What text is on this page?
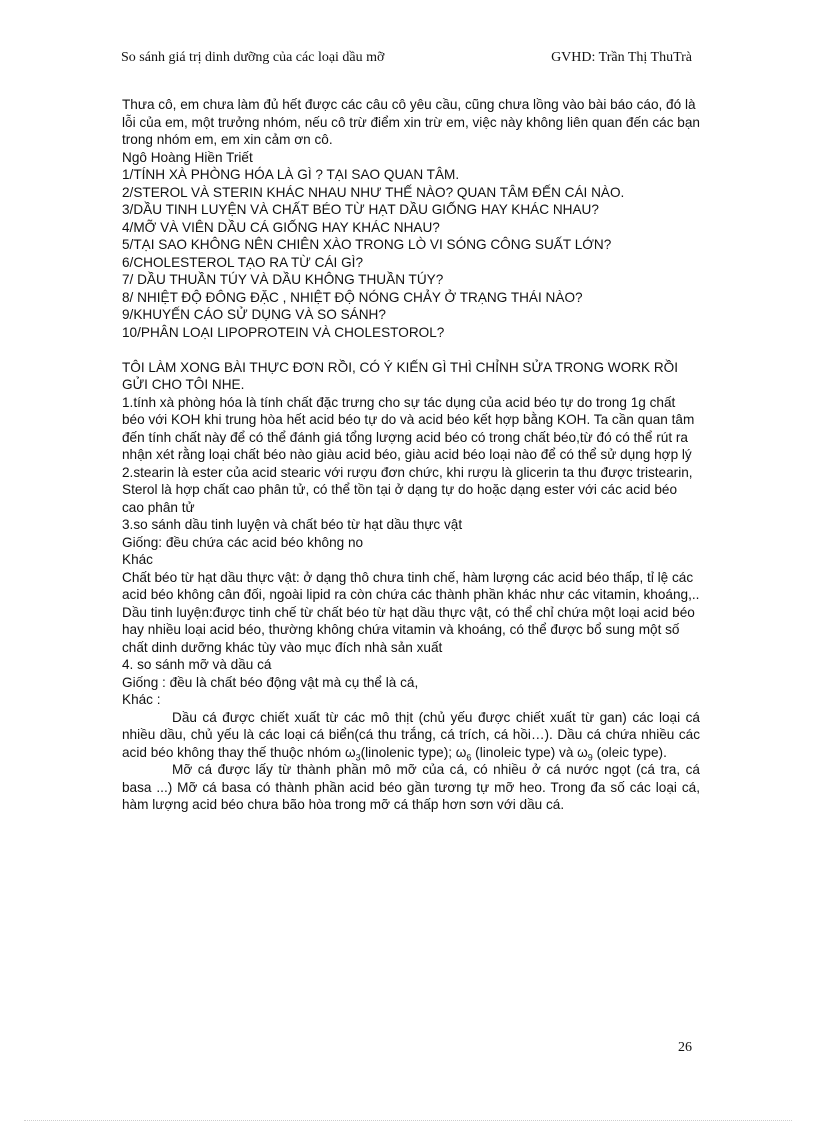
So sánh giá trị dinh dưỡng của các loại dầu mỡ	GVHD: Trần Thị ThuTrà

Thưa cô, em chưa làm đủ hết được các câu cô yêu cầu, cũng chưa lồng vào bài báo cáo, đó là lỗi của em, một trưởng nhóm, nếu cô trừ điểm xin trừ em, việc này không liên quan đến các bạn trong nhóm em, em xin cảm ơn cô.

Ngô Hoàng Hiền Triết

1/TÍNH XÀ PHÒNG HÓA LÀ GÌ ? TẠI SAO QUAN TÂM.

2/STEROL VÀ STERIN KHÁC NHAU NHƯ THẾ NÀO? QUAN TÂM ĐẾN CÁI NÀO.

3/DẦU TINH LUYỆN VÀ CHẤT BÉO TỪ HẠT DẦU GIỐNG HAY KHÁC NHAU?

4/MỠ VÀ VIÊN DẦU CÁ GIỐNG HAY KHÁC NHAU?

5/TẠI SAO KHÔNG NÊN CHIÊN XÀO TRONG LÒ VI SÓNG CÔNG SUẤT LỚN?

6/CHOLESTEROL TẠO RA TỪ CÁI GÌ?

7/ DẦU THUẦN TÚY VÀ DẦU KHÔNG THUẦN TÚY?

8/ NHIỆT ĐỘ ĐÔNG ĐẶC , NHIỆT ĐỘ NÓNG CHẢY Ở TRẠNG THÁI NÀO?

9/KHUYẾN CÁO SỬ DỤNG VÀ SO SÁNH?

10/PHÂN LOẠI LIPOPROTEIN VÀ CHOLESTOROL?

TÔI LÀM XONG BÀI THỰC ĐƠN RỒI, CÓ Ý KIẾN GÌ THÌ CHỈNH SỬA TRONG WORK RỒI GỬI CHO TÔI NHE.

1.tính xà phòng hóa là tính chất đặc trưng cho sự tác dụng của acid béo tự do trong 1g chất béo với KOH khi trung hòa hết acid béo tự do và acid béo kết hợp bằng KOH. Ta cần quan tâm đến tính chất này để có thể đánh giá tổng lượng acid béo có trong chất béo,từ đó có thể rút ra nhận xét rằng loại chất béo nào giàu acid béo, giàu acid béo loại nào để có thể sử dụng hợp lý

2.stearin là ester của acid stearic với rượu đơn chức, khi rượu là glicerin ta thu được tristearin,

Sterol là hợp chất cao phân tử, có thể tồn tại ở dạng tự do hoặc dạng ester với các acid béo cao phân tử

3.so sánh dầu tinh luyện và chất béo từ hạt dầu thực vật

Giống: đều chứa các acid béo không no

Khác

Chất béo từ hạt dầu thực vật: ở dạng thô chưa tinh chế, hàm lượng các acid béo thấp, tỉ lệ các acid béo không cân đối, ngoài lipid ra còn chứa các thành phần khác như các vitamin, khoáng,..

Dầu tinh luyện:được tinh chế từ chất béo từ hạt dầu thực vật, có thể chỉ chứa một loại acid béo hay nhiều loại acid béo, thường không chứa vitamin và khoáng, có thể được bổ sung một số chất dinh dưỡng khác tùy vào mục đích nhà sản xuất

4. so sánh mỡ và dầu cá

Giống : đều là chất béo động vật mà cụ thể là cá,

Khác :

Dầu cá được chiết xuất từ các mô thịt (chủ yếu được chiết xuất từ gan) các loại cá nhiều dầu, chủ yếu là các loại cá biển(cá thu trắng, cá trích, cá hồi…). Dầu cá chứa nhiều các acid béo không thay thế thuộc nhóm $\omega_3(linolenic$ type); $\omega_6$ (linoleic type) và $\omega_9$ (oleic type).

Mỡ cá được lấy từ thành phần mô mỡ của cá, có nhiều ở cá nước ngọt (cá tra, cá basa ...) Mỡ cá basa có thành phần acid béo gần tương tự mỡ heo. Trong đa số các loại cá, hàm lượng acid béo chưa bão hòa trong mỡ cá thấp hơn sơn với dầu cá.

26
